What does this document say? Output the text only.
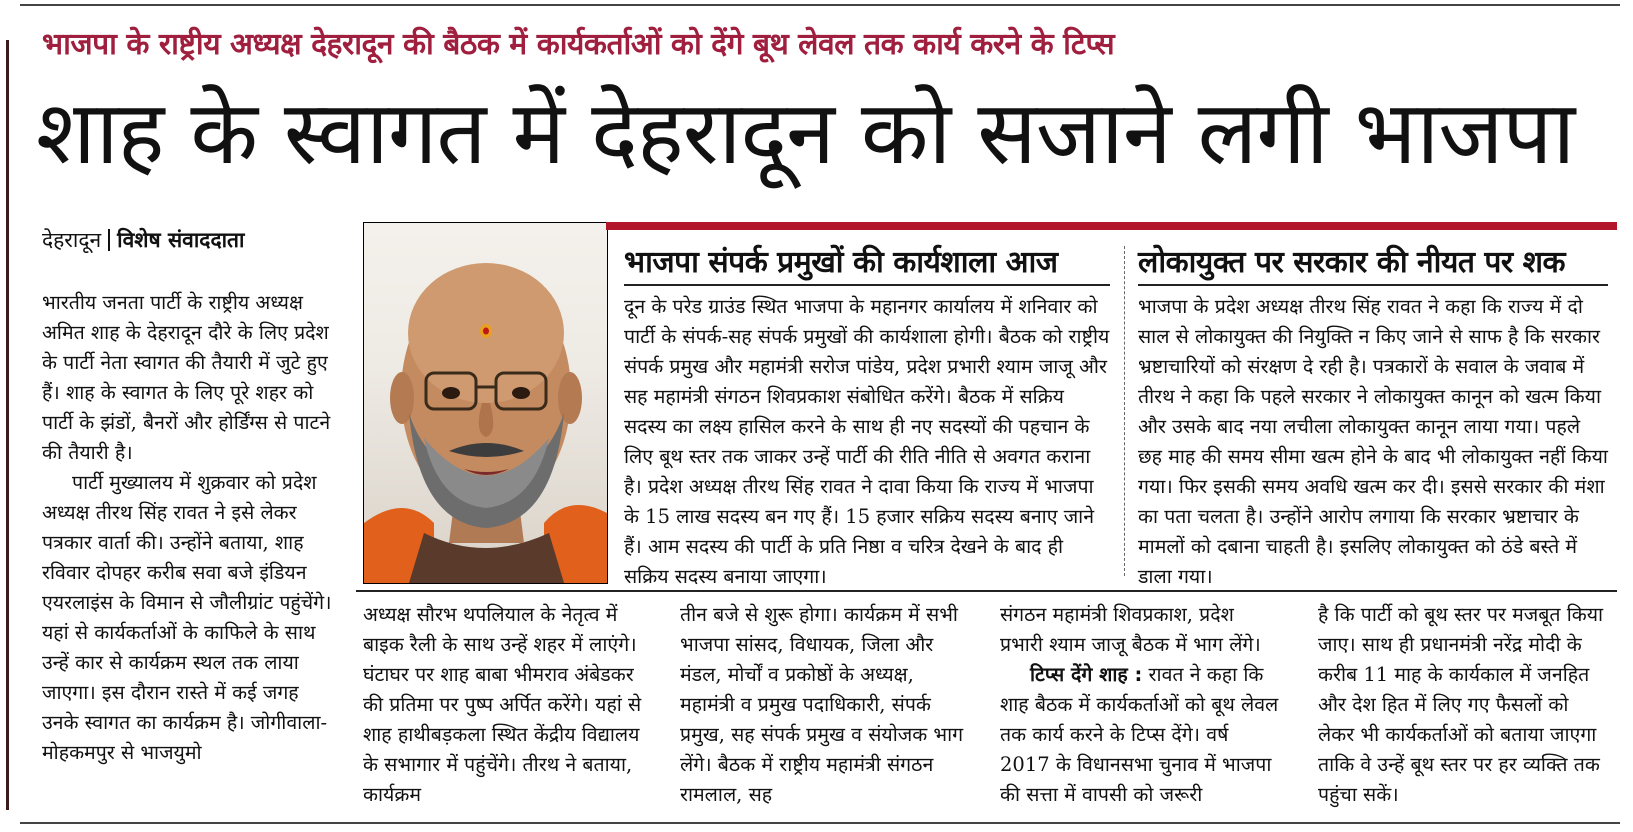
भाजपा के राष्ट्रीय अध्यक्ष देहरादून की बैठक में कार्यकर्ताओं को देंगे बूथ लेवल तक कार्य करने के टिप्स
शाह के स्वागत में देहरादून को सजाने लगी भाजपा
देहरादून विशेष संवाददाता

भारतीय जनता पार्टी के राष्ट्रीय अध्यक्ष अमित शाह के देहरादून दौरे के लिए प्रदेश के पार्टी नेता स्वागत की तैयारी में जुटे हुए हैं। शाह के स्वागत के लिए पूरे शहर को पार्टी के झंडों, बैनरों और होर्डिंग्स से पाटने की तैयारी है।

पार्टी मुख्यालय में शुक्रवार को प्रदेश अध्यक्ष तीरथ सिंह रावत ने इसे लेकर पत्रकार वार्ता की। उन्होंने बताया, शाह रविवार दोपहर करीब सवा बजे इंडियन एयरलाइंस के विमान से जौलीग्रांट पहुंचेंगे। यहां से कार्यकर्ताओं के काफिले के साथ उन्हें कार से कार्यक्रम स्थल तक लाया जाएगा। इस दौरान रास्ते में कई जगह उनके स्वागत का कार्यक्रम है। जोगीवाला-मोहकमपुर से भाजयुमो

भाजपा संपर्क प्रमुखों की कार्यशाला आज

दून के परेड ग्राउंड स्थित भाजपा के महानगर कार्यालय में शनिवार को पार्टी के संपर्क-सह संपर्क प्रमुखों की कार्यशाला होगी। बैठक को राष्ट्रीय संपर्क प्रमुख और महामंत्री सरोज पांडेय, प्रदेश प्रभारी श्याम जाजू और सह महामंत्री संगठन शिवप्रकाश संबोधित करेंगे। बैठक में सक्रिय सदस्य का लक्ष्य हासिल करने के साथ ही नए सदस्यों की पहचान के लिए बूथ स्तर तक जाकर उन्हें पार्टी की रीति नीति से अवगत कराना है। प्रदेश अध्यक्ष तीरथ सिंह रावत ने दावा किया कि राज्य में भाजपा के 15 लाख सदस्य बन गए हैं। 15 हजार सक्रिय सदस्य बनाए जाने हैं। आम सदस्य की पार्टी के प्रति निष्ठा व चरित्र देखने के बाद ही सक्रिय सदस्य बनाया जाएगा।

लोकायुक्त पर सरकार की नीयत पर शक

भाजपा के प्रदेश अध्यक्ष तीरथ सिंह रावत ने कहा कि राज्य में दो साल से लोकायुक्त की नियुक्ति न किए जाने से साफ है कि सरकार भ्रष्टाचारियों को संरक्षण दे रही है। पत्रकारों के सवाल के जवाब में तीरथ ने कहा कि पहले सरकार ने लोकायुक्त कानून को खत्म किया और उसके बाद नया लचीला लोकायुक्त कानून लाया गया। पहले छह माह की समय सीमा खत्म होने के बाद भी लोकायुक्त नहीं किया गया। फिर इसकी समय अवधि खत्म कर दी। इससे सरकार की मंशा का पता चलता है। उन्होंने आरोप लगाया कि सरकार भ्रष्टाचार के मामलों को दबाना चाहती है। इसलिए लोकायुक्त को ठंडे बस्ते में डाला गया।

अध्यक्ष सौरभ थपलियाल के नेतृत्व में बाइक रैली के साथ उन्हें शहर में लाएंगे। घंटाघर पर शाह बाबा भीमराव अंबेडकर की प्रतिमा पर पुष्प अर्पित करेंगे। यहां से शाह हाथीबड़कला स्थित केंद्रीय विद्यालय के सभागार में पहुंचेंगे। तीरथ ने बताया, कार्यक्रम

तीन बजे से शुरू होगा। कार्यक्रम में सभी भाजपा सांसद, विधायक, जिला और मंडल, मोर्चों व प्रकोष्ठों के अध्यक्ष, महामंत्री व प्रमुख पदाधिकारी, संपर्क प्रमुख, सह संपर्क प्रमुख व संयोजक भाग लेंगे। बैठक में राष्ट्रीय महामंत्री संगठन रामलाल, सह

संगठन महामंत्री शिवप्रकाश, प्रदेश प्रभारी श्याम जाजू बैठक में भाग लेंगे।

टिप्स देंगे शाह : रावत ने कहा कि शाह बैठक में कार्यकर्ताओं को बूथ लेवल तक कार्य करने के टिप्स देंगे। वर्ष 2017 के विधानसभा चुनाव में भाजपा की सत्ता में वापसी को जरूरी

है कि पार्टी को बूथ स्तर पर मजबूत किया जाए। साथ ही प्रधानमंत्री नरेंद्र मोदी के करीब 11 माह के कार्यकाल में जनहित और देश हित में लिए गए फैसलों को लेकर भी कार्यकर्ताओं को बताया जाएगा ताकि वे उन्हें बूथ स्तर पर हर व्यक्ति तक पहुंचा सकें।
